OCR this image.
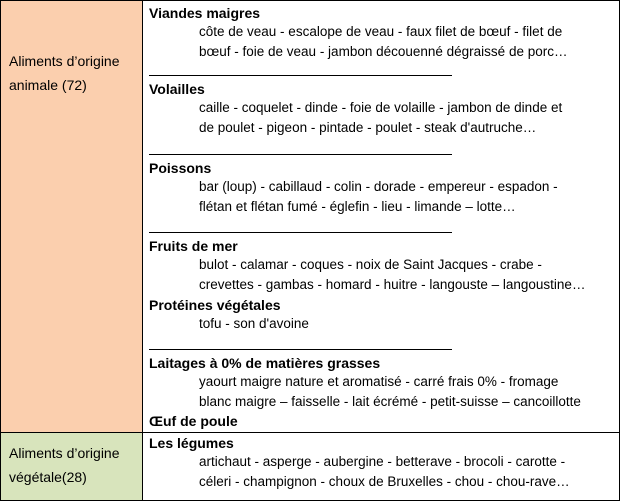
Aliments d’origine animale (72)
Viandes maigres
côte de veau - escalope de veau - faux filet de bœuf - filet de
bœuf - foie de veau - jambon découenné dégraissé de porc…
Volailles
caille - coquelet - dinde - foie de volaille - jambon de dinde et
de poulet - pigeon - pintade - poulet - steak d'autruche…
Poissons
bar (loup) - cabillaud - colin - dorade - empereur - espadon -
flétan et flétan fumé - églefin - lieu - limande – lotte…
Fruits de mer
bulot - calamar - coques - noix de Saint Jacques - crabe -
crevettes - gambas - homard - huitre - langouste – langoustine…
Protéines végétales
tofu - son d'avoine
Laitages à 0% de matières grasses
yaourt maigre nature et aromatisé - carré frais 0% - fromage
blanc maigre – faisselle - lait écrémé - petit-suisse – cancoillotte
Œuf de poule
Aliments d’origine végétale(28)
Les légumes
artichaut - asperge - aubergine - betterave - brocoli - carotte -
céleri - champignon - choux de Bruxelles - chou - chou-rave…
